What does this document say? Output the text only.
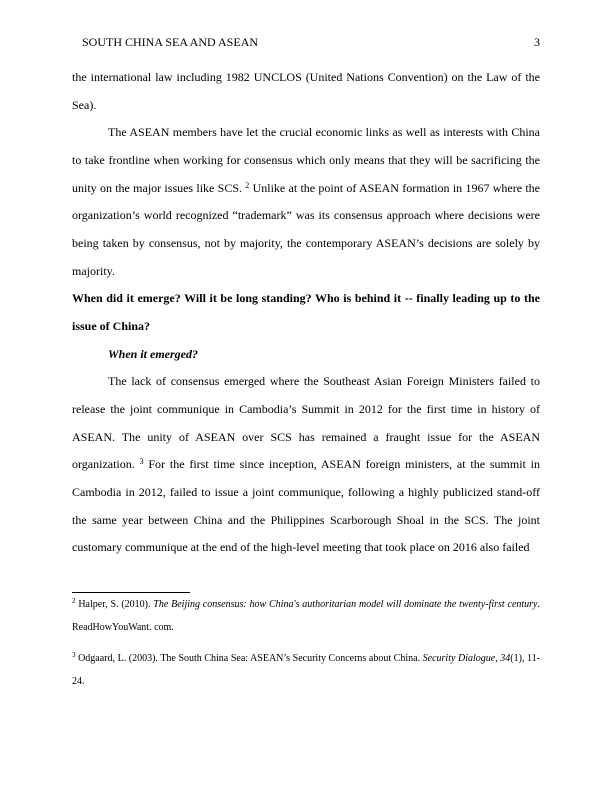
SOUTH CHINA SEA AND ASEAN	3

the international law including 1982 UNCLOS (United Nations Convention) on the Law of the Sea).

The ASEAN members have let the crucial economic links as well as interests with China to take frontline when working for consensus which only means that they will be sacrificing the unity on the major issues like SCS. $^2$ Unlike at the point of ASEAN formation in 1967 where the organization’s world recognized “trademark” was its consensus approach where decisions were being taken by consensus, not by majority, the contemporary ASEAN’s decisions are solely by majority.

When did it emerge? Will it be long standing? Who is behind it -- finally leading up to the issue of China?

When it emerged?

The lack of consensus emerged where the Southeast Asian Foreign Ministers failed to release the joint communique in Cambodia’s Summit in 2012 for the first time in history of ASEAN. The unity of ASEAN over SCS has remained a fraught issue for the ASEAN organization. $^3$ For the first time since inception, ASEAN foreign ministers, at the summit in Cambodia in 2012, failed to issue a joint communique, following a highly publicized stand-off the same year between China and the Philippines Scarborough Shoal in the SCS. The joint customary communique at the end of the high-level meeting that took place on 2016 also failed

$^2$ Halper, S. (2010). The Beijing consensus: how China's authoritarian model will dominate the twenty-first century. ReadHowYouWant. com.

$^3$ Odgaard, L. (2003). The South China Sea: ASEAN’s Security Concerns about China. Security Dialogue, 34(1), 11-24.
